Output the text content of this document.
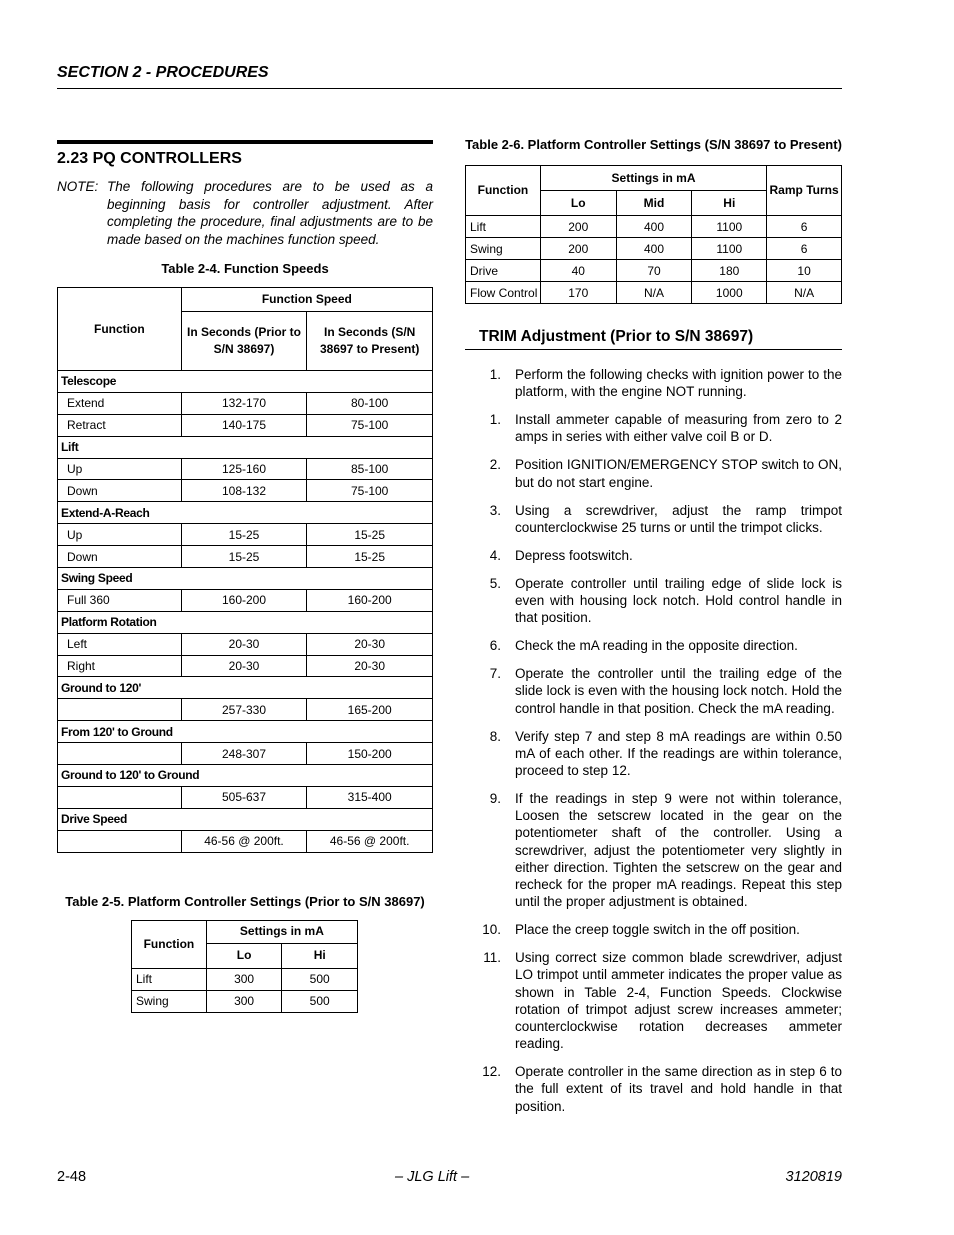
SECTION 2 - PROCEDURES
2.23 PQ CONTROLLERS
NOTE: The following procedures are to be used as a beginning basis for controller adjustment. After completing the procedure, final adjustments are to be made based on the machines function speed.
Table 2-4. Function Speeds
Function	Function Speed	
	In Seconds (Prior to S/N 38697)	In Seconds (S/N 38697 to Present)
Telescope		
Extend	132-170	80-100
Retract	140-175	75-100
Lift		
Up	125-160	85-100
Down	108-132	75-100
Extend-A-Reach		
Up	15-25	15-25
Down	15-25	15-25
Swing Speed		
Full 360	160-200	160-200
Platform Rotation		
Left	20-30	20-30
Right	20-30	20-30
Ground to 120'		
	257-330	165-200
From 120' to Ground		
	248-307	150-200
Ground to 120' to Ground		
	505-637	315-400
Drive Speed		
	46-56 @ 200ft.	46-56 @ 200ft.
Table 2-5. Platform Controller Settings (Prior to S/N 38697)
Function	Settings in mA	
	Lo	Hi
Lift	300	500
Swing	300	500
Table 2-6. Platform Controller Settings (S/N 38697 to Present)
Function	Settings in mA			Ramp Turns
	Lo	Mid	Hi	
Lift	200	400	1100	6
Swing	200	400	1100	6
Drive	40	70	180	10
Flow Control	170	N/A	1000	N/A
TRIM Adjustment (Prior to S/N 38697)
1.	Perform the following checks with ignition power to the platform, with the engine NOT running.
1.	Install ammeter capable of measuring from zero to 2 amps in series with either valve coil B or D.
2.	Position IGNITION/EMERGENCY STOP switch to ON, but do not start engine.
3.	Using a screwdriver, adjust the ramp trimpot counterclockwise 25 turns or until the trimpot clicks.
4.	Depress footswitch.
5.	Operate controller until trailing edge of slide lock is even with housing lock notch. Hold control handle in that position.
6.	Check the mA reading in the opposite direction.
7.	Operate the controller until the trailing edge of the slide lock is even with the housing lock notch. Hold the control handle in that position. Check the mA reading.
8.	Verify step 7 and step 8 mA readings are within 0.50 mA of each other. If the readings are within tolerance, proceed to step 12.
9.	If the readings in step 9 were not within tolerance, Loosen the setscrew located in the gear on the potentiometer shaft of the controller. Using a screwdriver, adjust the potentiometer very slightly in either direction. Tighten the setscrew on the gear and recheck for the proper mA readings. Repeat this step until the proper adjustment is obtained.
10.	Place the creep toggle switch in the off position.
11.	Using correct size common blade screwdriver, adjust LO trimpot until ammeter indicates the proper value as shown in Table 2-4, Function Speeds. Clockwise rotation of trimpot adjust screw increases ammeter; counterclockwise rotation decreases ammeter reading.
12.	Operate controller in the same direction as in step 6 to the full extent of its travel and hold handle in that position.
2-48	– JLG Lift –	3120819
